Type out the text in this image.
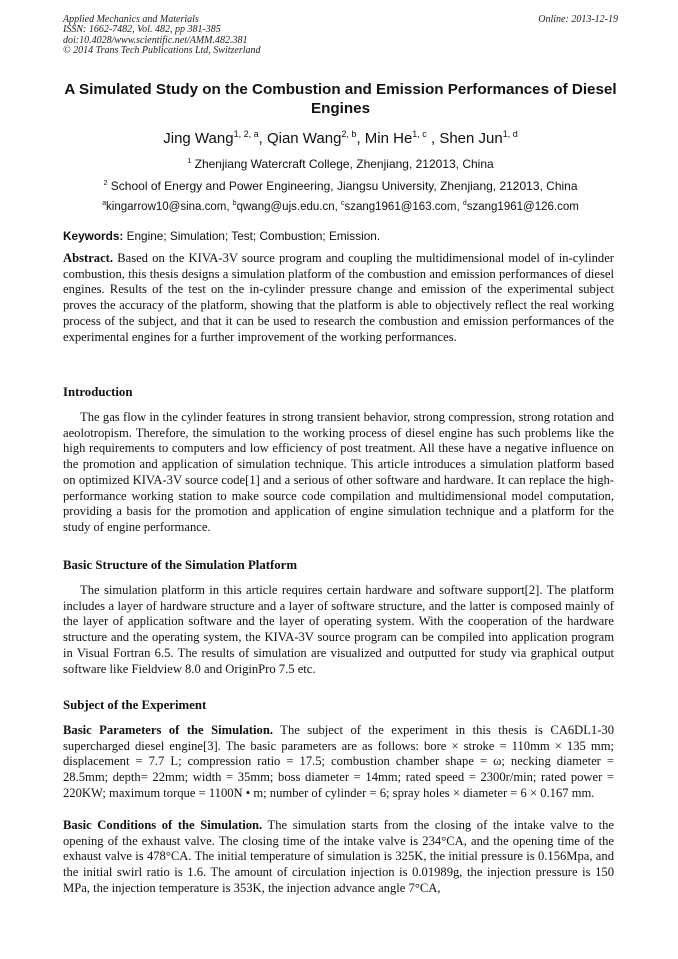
Applied Mechanics and Materials
ISSN: 1662-7482, Vol. 482, pp 381-385
doi:10.4028/www.scientific.net/AMM.482.381
© 2014 Trans Tech Publications Ltd, Switzerland
Online: 2013-12-19
A Simulated Study on the Combustion and Emission Performances of Diesel Engines
Jing Wang$^{1, 2, a}$, Qian Wang$^{2, b}$, Min He$^{1, c}$ , Shen Jun$^{1, d}$
$^1$ Zhenjiang Watercraft College, Zhenjiang, 212013, China
$^2$ School of Energy and Power Engineering, Jiangsu University, Zhenjiang, 212013, China
$^a$kingarrow10@sina.com, $^b$qwang@ujs.edu.cn, $^c$szang1961@163.com, $^d$szang1961@126.com
Keywords: Engine; Simulation; Test; Combustion; Emission.
Abstract. Based on the KIVA-3V source program and coupling the multidimensional model of in-cylinder combustion, this thesis designs a simulation platform of the combustion and emission performances of diesel engines. Results of the test on the in-cylinder pressure change and emission of the experimental subject proves the accuracy of the platform, showing that the platform is able to objectively reflect the real working process of the subject, and that it can be used to research the combustion and emission performances of the experimental engines for a further improvement of the working performances.
Introduction
The gas flow in the cylinder features in strong transient behavior, strong compression, strong rotation and aeolotropism. Therefore, the simulation to the working process of diesel engine has such problems like the high requirements to computers and low efficiency of post treatment. All these have a negative influence on the promotion and application of simulation technique. This article introduces a simulation platform based on optimized KIVA-3V source code[1] and a serious of other software and hardware. It can replace the high-performance working station to make source code compilation and multidimensional model computation, providing a basis for the promotion and application of engine simulation technique and a platform for the study of engine performance.
Basic Structure of the Simulation Platform
The simulation platform in this article requires certain hardware and software support[2]. The platform includes a layer of hardware structure and a layer of software structure, and the latter is composed mainly of the layer of application software and the layer of operating system. With the cooperation of the hardware structure and the operating system, the KIVA-3V source program can be compiled into application program in Visual Fortran 6.5. The results of simulation are visualized and outputted for study via graphical output software like Fieldview 8.0 and OriginPro 7.5 etc.
Subject of the Experiment
Basic Parameters of the Simulation. The subject of the experiment in this thesis is CA6DL1-30 supercharged diesel engine[3]. The basic parameters are as follows: bore × stroke = 110mm × 135 mm; displacement = 7.7 L; compression ratio = 17.5; combustion chamber shape = ω; necking diameter = 28.5mm; depth= 22mm; width = 35mm; boss diameter = 14mm; rated speed = 2300r/min; rated power = 220KW; maximum torque = 1100N • m; number of cylinder = 6; spray holes × diameter = 6 × 0.167 mm.
Basic Conditions of the Simulation. The simulation starts from the closing of the intake valve to the opening of the exhaust valve. The closing time of the intake valve is 234°CA, and the opening time of the exhaust valve is 478°CA. The initial temperature of simulation is 325K, the initial pressure is 0.156Mpa, and the initial swirl ratio is 1.6. The amount of circulation injection is 0.01989g, the injection pressure is 150 MPa, the injection temperature is 353K, the injection advance angle 7°CA,
